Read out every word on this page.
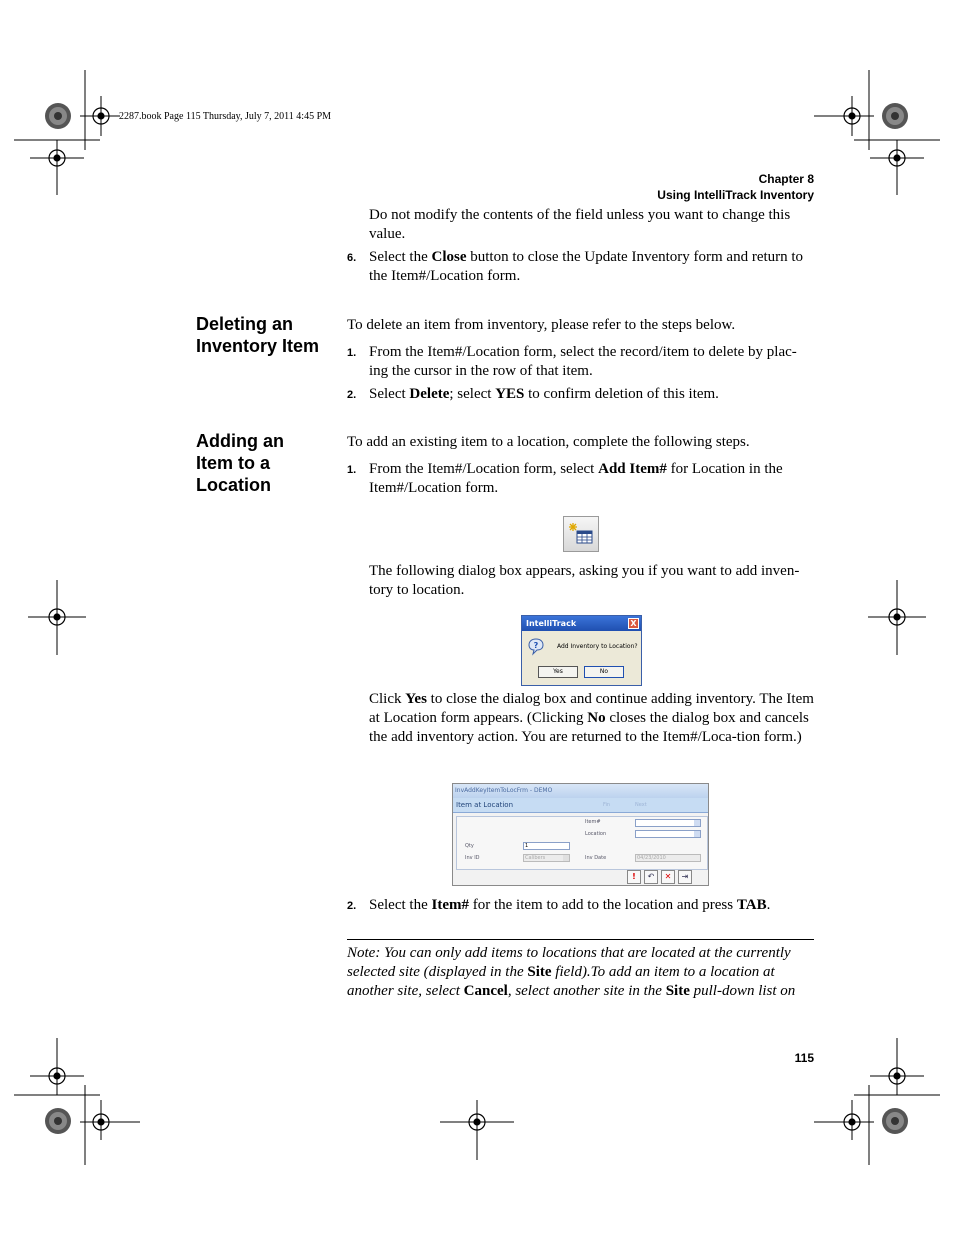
2287.book Page 115 Thursday, July 7, 2011 4:45 PM
Chapter 8
Using IntelliTrack Inventory
Do not modify the contents of the field unless you want to change this value.
6. Select the Close button to close the Update Inventory form and return to the Item#/Location form.
Deleting an
Inventory Item
To delete an item from inventory, please refer to the steps below.
1. From the Item#/Location form, select the record/item to delete by plac-
ing the cursor in the row of that item.
2. Select Delete; select YES to confirm deletion of this item.
Adding an
Item to a
Location
To add an existing item to a location, complete the following steps.
1. From the Item#/Location form, select Add Item# for Location in the Item#/Location form.
The following dialog box appears, asking you if you want to add inven-
tory to location.
IntelliTrack	X
?	Add Inventory to Location?
Yes	No
Click Yes to close the dialog box and continue adding inventory. The Item at Location form appears. (Clicking No closes the dialog box and cancels the add inventory action. You are returned to the Item#/Loca-tion form.)
InvAddKeyItemToLocFrm - DEMO
Item at Location	Fin	Next
Item#
Location
Qty	1
Inv ID	Calibers	Inv Date	04/23/2010
!	↶	✕	⇥
2. Select the Item# for the item to add to the location and press TAB.
Note: You can only add items to locations that are located at the currently selected site (displayed in the Site field).To add an item to a location at another site, select Cancel, select another site in the Site pull-down list on
115
